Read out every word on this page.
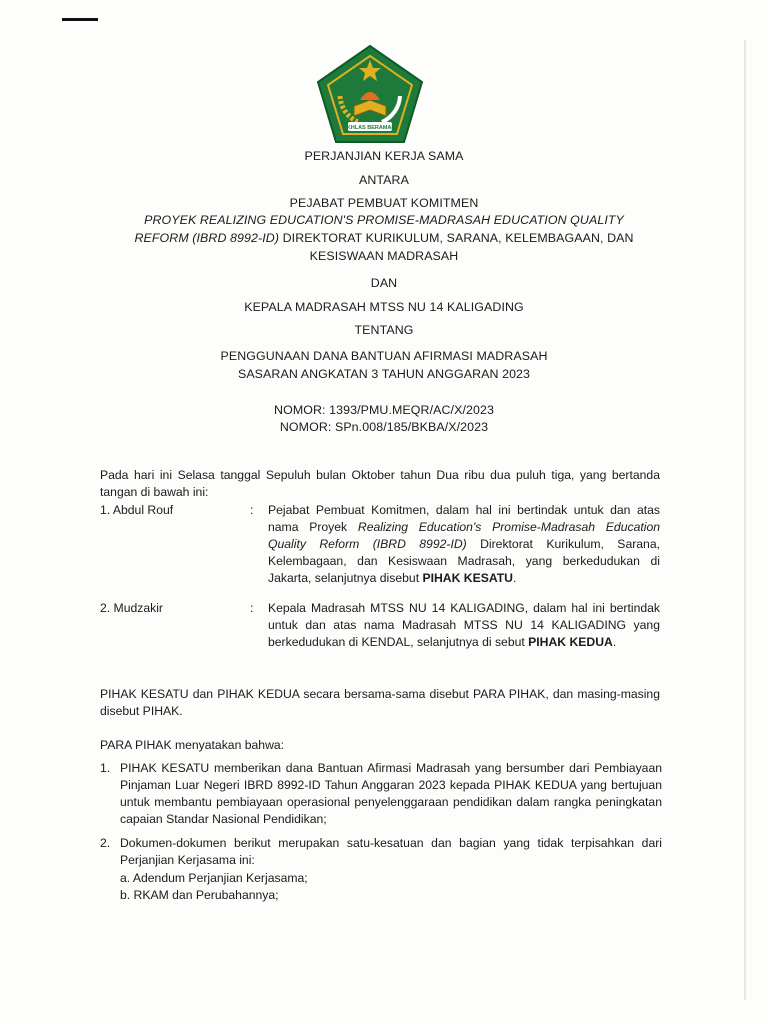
IKHLAS BERAMAL
PERJANJIAN KERJA SAMA
ANTARA
PEJABAT PEMBUAT KOMITMEN
PROYEK REALIZING EDUCATION'S PROMISE-MADRASAH EDUCATION QUALITY
REFORM (IBRD 8992-ID) DIREKTORAT KURIKULUM, SARANA, KELEMBAGAAN, DAN
KESISWAAN MADRASAH
DAN
KEPALA MADRASAH MTSS NU 14 KALIGADING
TENTANG
PENGGUNAAN DANA BANTUAN AFIRMASI MADRASAH
SASARAN ANGKATAN 3 TAHUN ANGGARAN 2023
NOMOR: 1393/PMU.MEQR/AC/X/2023
NOMOR: SPn.008/185/BKBA/X/2023
Pada hari ini Selasa tanggal Sepuluh bulan Oktober tahun Dua ribu dua puluh tiga, yang bertanda tangan di bawah ini:
1. Abdul Rouf	:	Pejabat Pembuat Komitmen, dalam hal ini bertindak untuk dan atas nama Proyek Realizing Education's Promise-Madrasah Education Quality Reform (IBRD 8992-ID) Direktorat Kurikulum, Sarana, Kelembagaan, dan Kesiswaan Madrasah, yang berkedudukan di Jakarta, selanjutnya disebut PIHAK KESATU.
2. Mudzakir	:	Kepala Madrasah MTSS NU 14 KALIGADING, dalam hal ini bertindak untuk dan atas nama Madrasah MTSS NU 14 KALIGADING yang berkedudukan di KENDAL, selanjutnya di sebut PIHAK KEDUA.
PIHAK KESATU dan PIHAK KEDUA secara bersama-sama disebut PARA PIHAK, dan masing-masing disebut PIHAK.
PARA PIHAK menyatakan bahwa:
1. PIHAK KESATU memberikan dana Bantuan Afirmasi Madrasah yang bersumber dari Pembiayaan Pinjaman Luar Negeri IBRD 8992-ID Tahun Anggaran 2023 kepada PIHAK KEDUA yang bertujuan untuk membantu pembiayaan operasional penyelenggaraan pendidikan dalam rangka peningkatan capaian Standar Nasional Pendidikan;
2. Dokumen-dokumen berikut merupakan satu-kesatuan dan bagian yang tidak terpisahkan dari Perjanjian Kerjasama ini:
a. Adendum Perjanjian Kerjasama;
b. RKAM dan Perubahannya;
